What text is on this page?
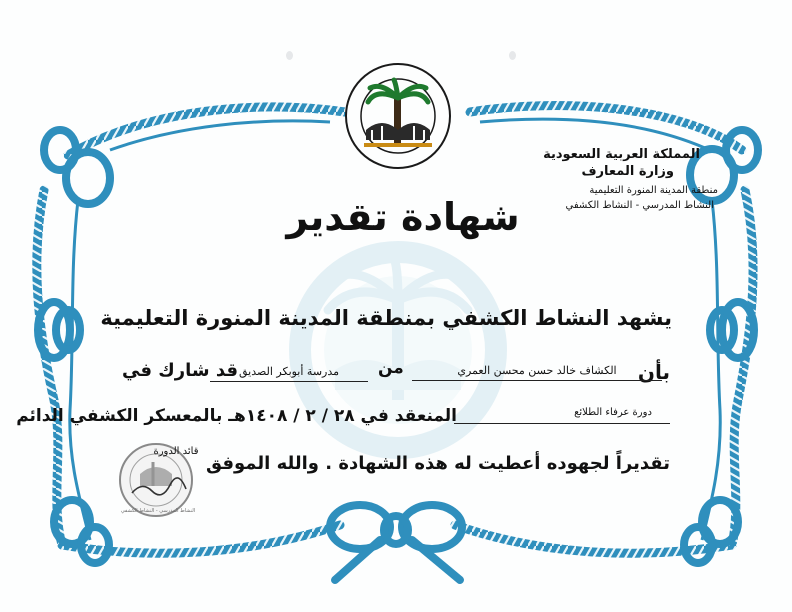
المملكة العربية السعودية
وزارة المعارف
منطقة المدينة المنورة التعليمية
النشاط المدرسي - النشاط الكشفي
شهادة تقدير
يشهد النشاط الكشفي بمنطقة المدينة المنورة التعليمية
بأن
الكشاف خالد حسن محسن العمري
من
مدرسة أبوبكر الصديق
قد شارك في
دورة عرفاء الطلائع
المنعقد في ٢٨ / ٢ / ١٤٠٨هـ بالمعسكر الكشفي الدائم
تقديراً لجهوده أعطيت له هذه الشهادة . والله الموفق
قائد الدورة
النشاط المدرسي - النشاط الكشفي
